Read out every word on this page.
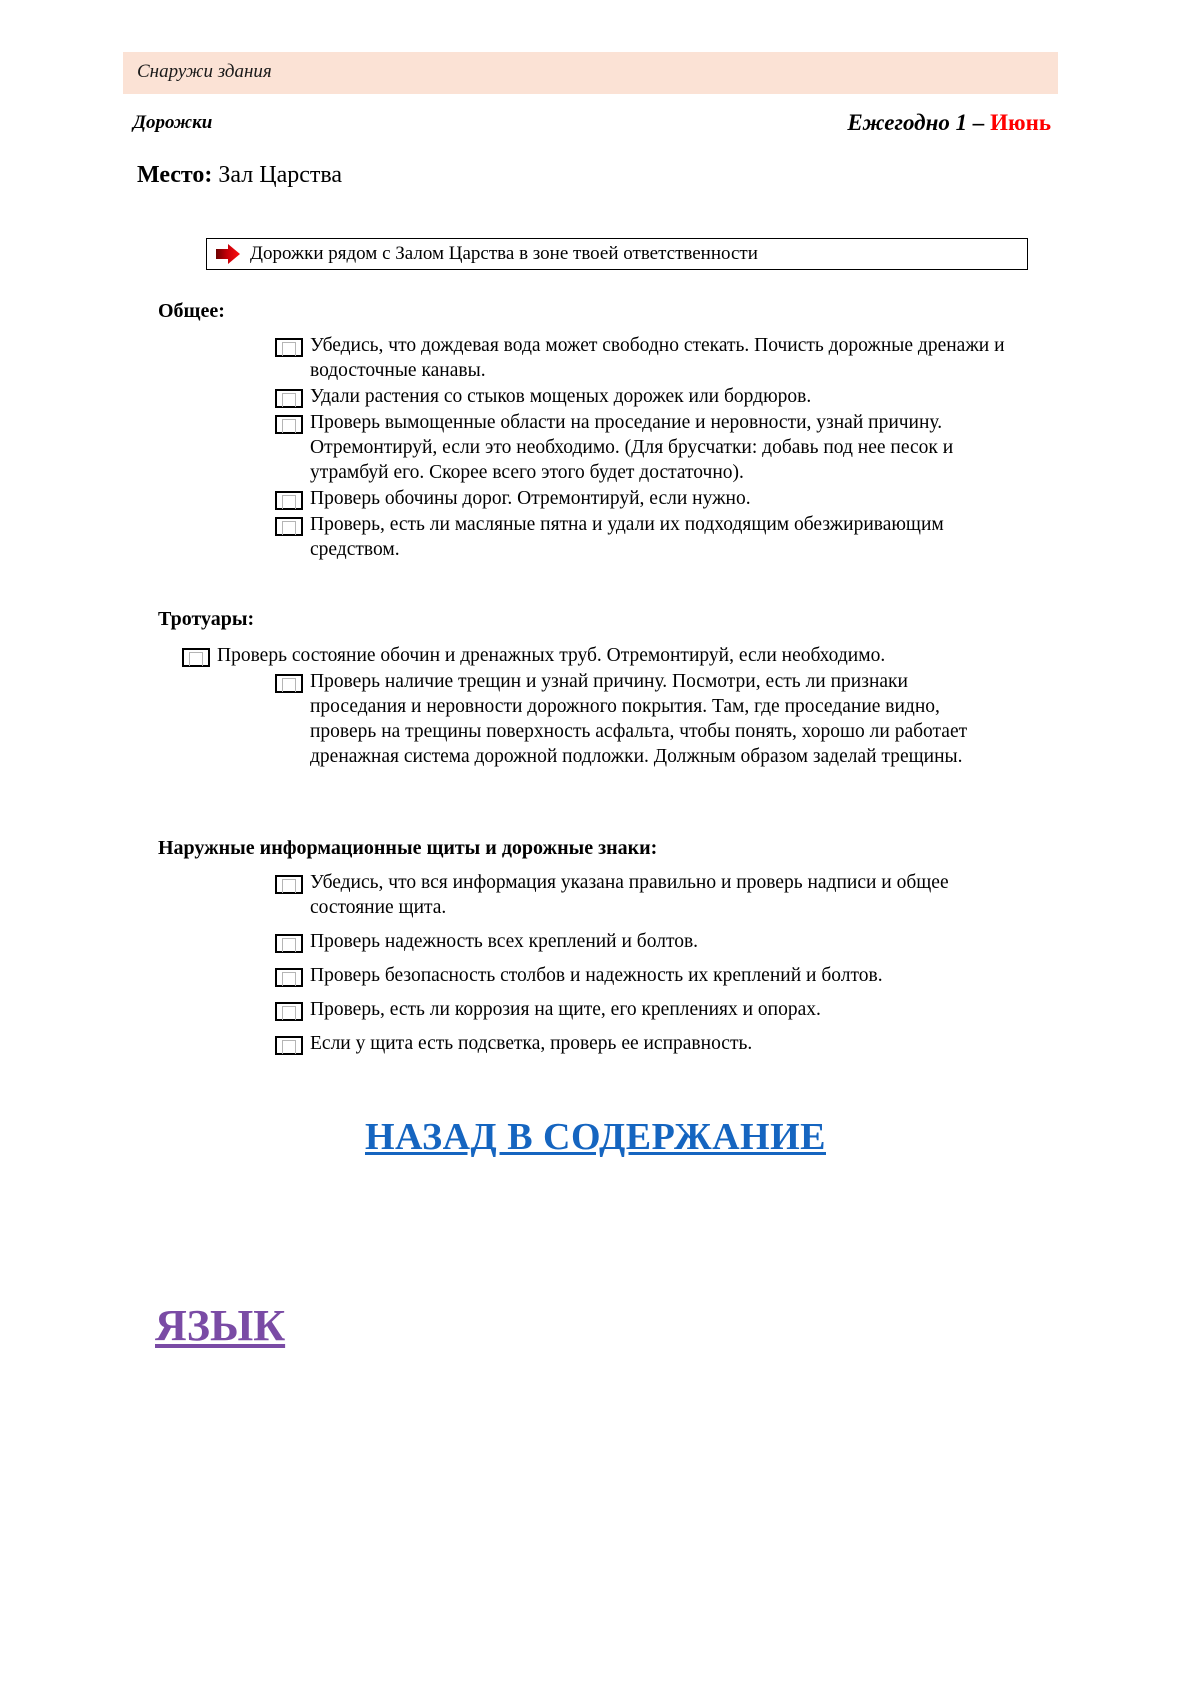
Снаружи здания
Дорожки	Ежегодно 1 – Июнь
Место: Зал Царства
Дорожки рядом с Залом Царства в зоне твоей ответственности
Общее:
Убедись, что дождевая вода может свободно стекать. Почисть дорожные дренажи и водосточные канавы.
Удали растения со стыков мощеных дорожек или бордюров.
Проверь вымощенные области на проседание и неровности, узнай причину. Отремонтируй, если это необходимо. (Для брусчатки: добавь под нее песок и утрамбуй его. Скорее всего этого будет достаточно).
Проверь обочины дорог. Отремонтируй, если нужно.
Проверь, есть ли масляные пятна и удали их подходящим обезжиривающим средством.
Тротуары:
Проверь состояние обочин и дренажных труб. Отремонтируй, если необходимо.
Проверь наличие трещин и узнай причину. Посмотри, есть ли признаки проседания и неровности дорожного покрытия. Там, где проседание видно, проверь на трещины поверхность асфальта, чтобы понять, хорошо ли работает дренажная система дорожной подложки. Должным образом заделай трещины.
Наружные информационные щиты и дорожные знаки:
Убедись, что вся информация указана правильно и проверь надписи и общее состояние щита.
Проверь надежность всех креплений и болтов.
Проверь безопасность столбов и надежность их креплений и болтов.
Проверь, есть ли коррозия на щите, его креплениях и опорах.
Если у щита есть подсветка, проверь ее исправность.
НАЗАД В СОДЕРЖАНИЕ
ЯЗЫК
